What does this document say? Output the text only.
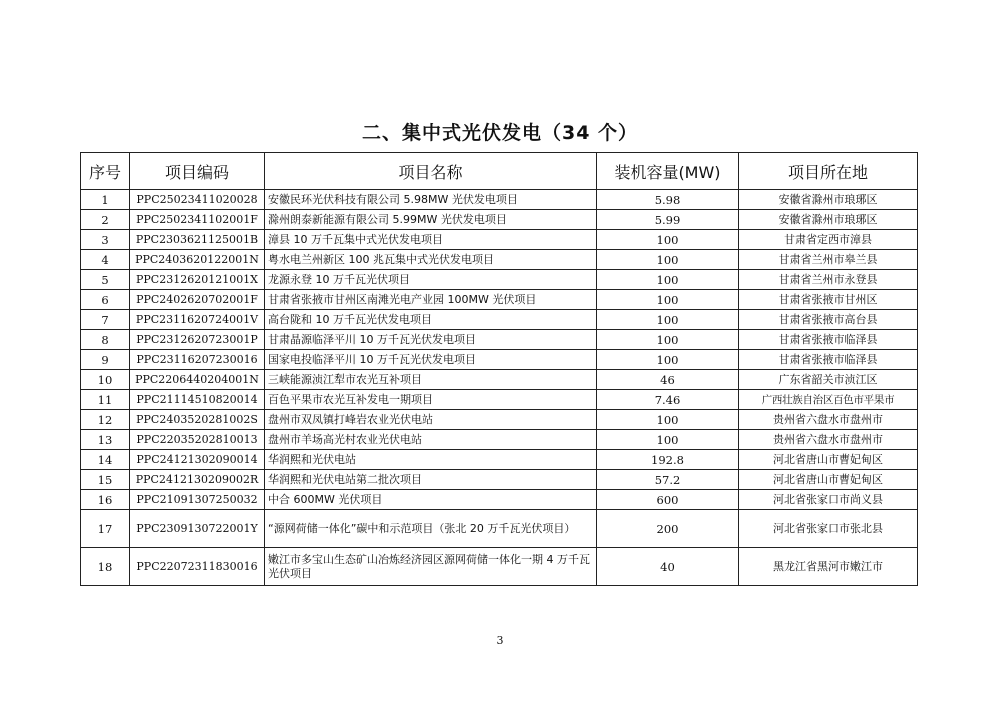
二、集中式光伏发电（34 个）
序号	项目编码	项目名称	装机容量(MW)	项目所在地
1	PPC25023411020028	安徽民环光伏科技有限公司 5.98MW 光伏发电项目	5.98	安徽省滁州市琅琊区
2	PPC2502341102001F	滁州朗泰新能源有限公司 5.99MW 光伏发电项目	5.99	安徽省滁州市琅琊区
3	PPC2303621125001B	漳县 10 万千瓦集中式光伏发电项目	100	甘肃省定西市漳县
4	PPC2403620122001N	粤水电兰州新区 100 兆瓦集中式光伏发电项目	100	甘肃省兰州市皋兰县
5	PPC2312620121001X	龙源永登 10 万千瓦光伏项目	100	甘肃省兰州市永登县
6	PPC2402620702001F	甘肃省张掖市甘州区南滩光电产业园 100MW 光伏项目	100	甘肃省张掖市甘州区
7	PPC2311620724001V	高台陇和 10 万千瓦光伏发电项目	100	甘肃省张掖市高台县
8	PPC2312620723001P	甘肃晶源临泽平川 10 万千瓦光伏发电项目	100	甘肃省张掖市临泽县
9	PPC23116207230016	国家电投临泽平川 10 万千瓦光伏发电项目	100	甘肃省张掖市临泽县
10	PPC2206440204001N	三峡能源浈江犁市农光互补项目	46	广东省韶关市浈江区
11	PPC21114510820014	百色平果市农光互补发电一期项目	7.46	广西壮族自治区百色市平果市
12	PPC2403520281002S	盘州市双凤镇打峰岩农业光伏电站	100	贵州省六盘水市盘州市
13	PPC22035202810013	盘州市羊场高光村农业光伏电站	100	贵州省六盘水市盘州市
14	PPC24121302090014	华润熙和光伏电站	192.8	河北省唐山市曹妃甸区
15	PPC2412130209002R	华润熙和光伏电站第二批次项目	57.2	河北省唐山市曹妃甸区
16	PPC21091307250032	中合 600MW 光伏项目	600	河北省张家口市尚义县
17	PPC2309130722001Y	“源网荷储一体化”碳中和示范项目（张北 20 万千瓦光伏项目）	200	河北省张家口市张北县
18	PPC22072311830016	嫩江市多宝山生态矿山冶炼经济园区源网荷储一体化一期 4 万千瓦光伏项目	40	黑龙江省黑河市嫩江市
3
